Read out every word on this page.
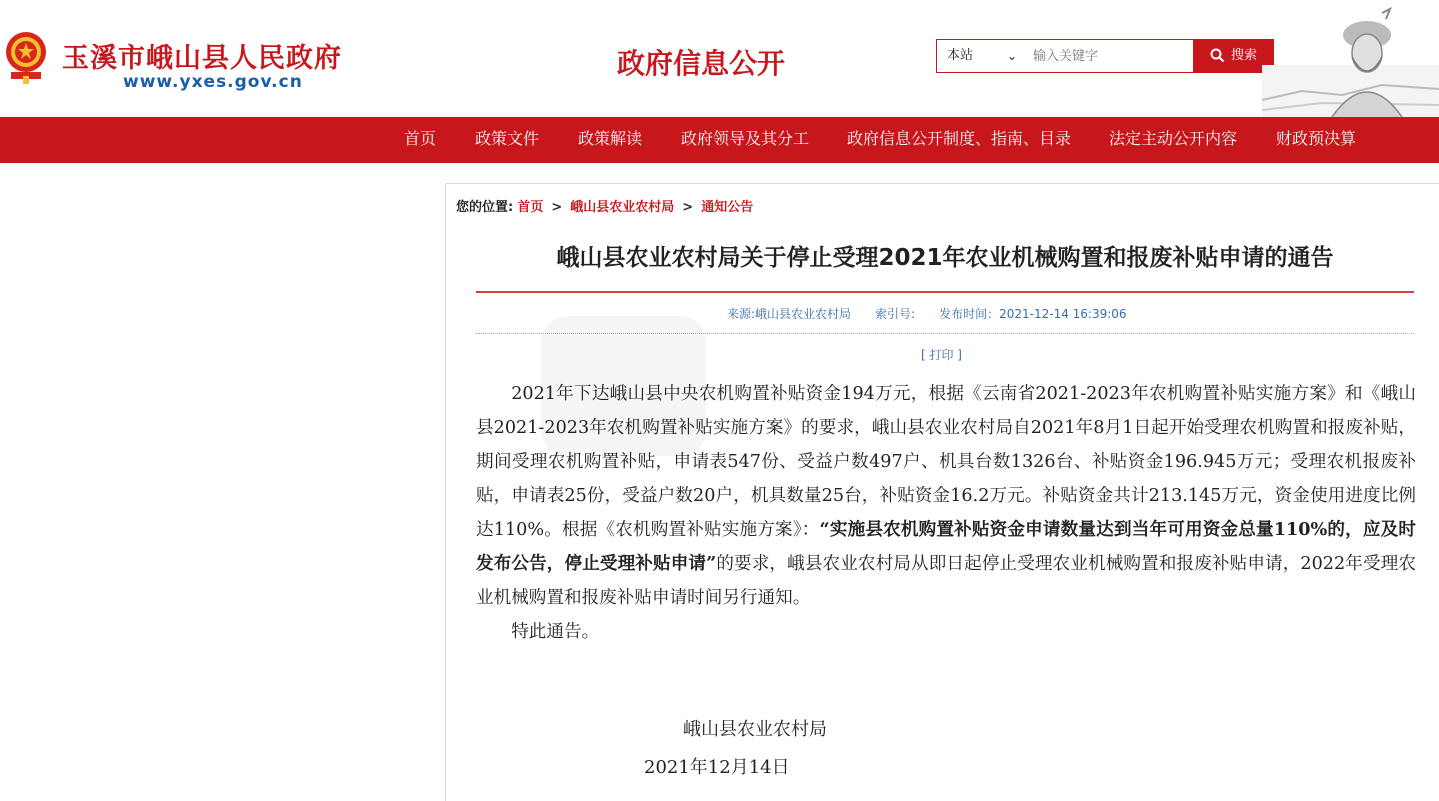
玉溪市峨山县人民政府
www.yxes.gov.cn
政府信息公开	本站	⌄
输入关键字	搜索
首页 政策文件 政策解读 政府领导及其分工 政府信息公开制度、指南、目录 法定主动公开内容 财政预决算
您的位置: 首页 > 峨山县农业农村局 > 通知公告
峨山县农业农村局关于停止受理2021年农业机械购置和报废补贴申请的通告
来源:峨山县农业农村局 索引号: 发布时间：2021-12-14 16:39:06
[ 打印 ]

2021年下达峨山县中央农机购置补贴资金194万元，根据《云南省2021-2023年农机购置补贴实施方案》和《峨山县2021-2023年农机购置补贴实施方案》的要求，峨山县农业农村局自2021年8月1日起开始受理农机购置和报废补贴，期间受理农机购置补贴，申请表547份、受益户数497户、机具台数1326台、补贴资金196.945万元；受理农机报废补贴，申请表25份，受益户数20户，机具数量25台，补贴资金16.2万元。补贴资金共计213.145万元，资金使用进度比例达110%。根据《农机购置补贴实施方案》：“实施县农机购置补贴资金申请数量达到当年可用资金总量110%的，应及时发布公告，停止受理补贴申请”的要求，峨县农业农村局从即日起停止受理农业机械购置和报废补贴申请，2022年受理农业机械购置和报废补贴申请时间另行通知。

特此通告。

峨山县农业农村局
2021年12月14日
